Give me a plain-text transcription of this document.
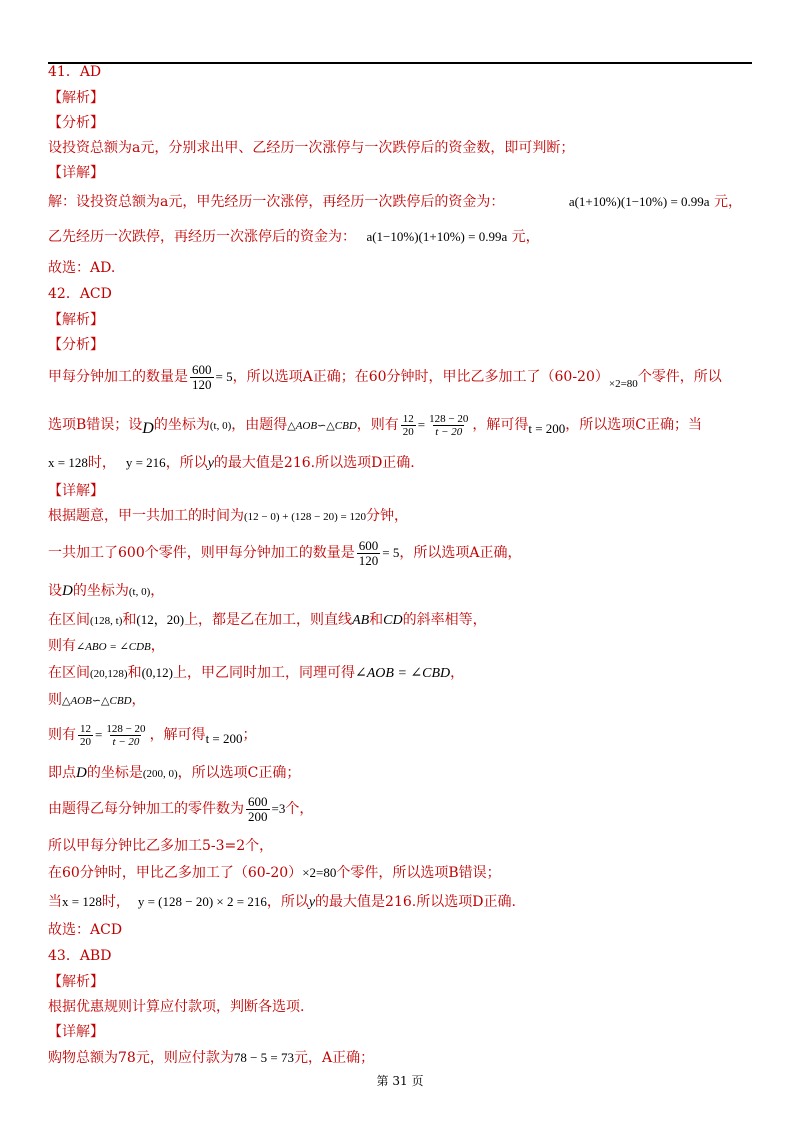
41．AD
【解析】
【分析】
设投资总额为a元，分别求出甲、乙经历一次涨停与一次跌停后的资金数，即可判断；
【详解】
解：设投资总额为a元，甲先经历一次涨停，再经历一次跌停后的资金为：	a(1+10%)(1−10%) = 0.99a 元，
乙先经历一次跌停，再经历一次涨停后的资金为： a(1−10%)(1+10%) = 0.99a 元，
故选：AD.
42．ACD
【解析】
【分析】
甲每分钟加工的数量是 $\frac{600}{120} = 5$，所以选项A正确；在60分钟时，甲比乙多加工了$(60-20)_{\times 2=80}$个零件，所以
选项B错误；设D的坐标为(t, 0)，由题得△AOB∽△CBD，则有 $\frac{12}{20} = \frac{128 - 20}{t - 20}$ ，解可得t = 200，所以选项C正确；当
x = 128时， y = 216，所以y的最大值是216.所以选项D正确.
【详解】
根据题意，甲一共加工的时间为(12 − 0) + (128 − 20) = 120分钟，
一共加工了600个零件，则甲每分钟加工的数量是 $\frac{600}{120} = 5$，所以选项A正确，
设D的坐标为(t, 0)，
在区间(128, t)和(12，20)上，都是乙在加工，则直线AB和CD的斜率相等，
则有∠ABO = ∠CDB，
在区间(20,128)和(0,12)上，甲乙同时加工，同理可得∠AOB = ∠CBD，
则△AOB∽△CBD，
则有 $\frac{12}{20} = \frac{128 - 20}{t - 20}$ ，解可得t = 200；
即点D的坐标是(200, 0)，所以选项C正确；
由题得乙每分钟加工的零件数为 $\frac{600}{200} =3$个，
所以甲每分钟比乙多加工5-3=2个，
在60分钟时，甲比乙多加工了（60-20）×2=80个零件，所以选项B错误；
当x = 128时， y = (128 − 20) × 2 = 216，所以y的最大值是216.所以选项D正确.
故选：ACD
43．ABD
【解析】
根据优惠规则计算应付款项，判断各选项.
【详解】
购物总额为78元，则应付款为78 − 5 = 73元，A正确；
第 31 页
